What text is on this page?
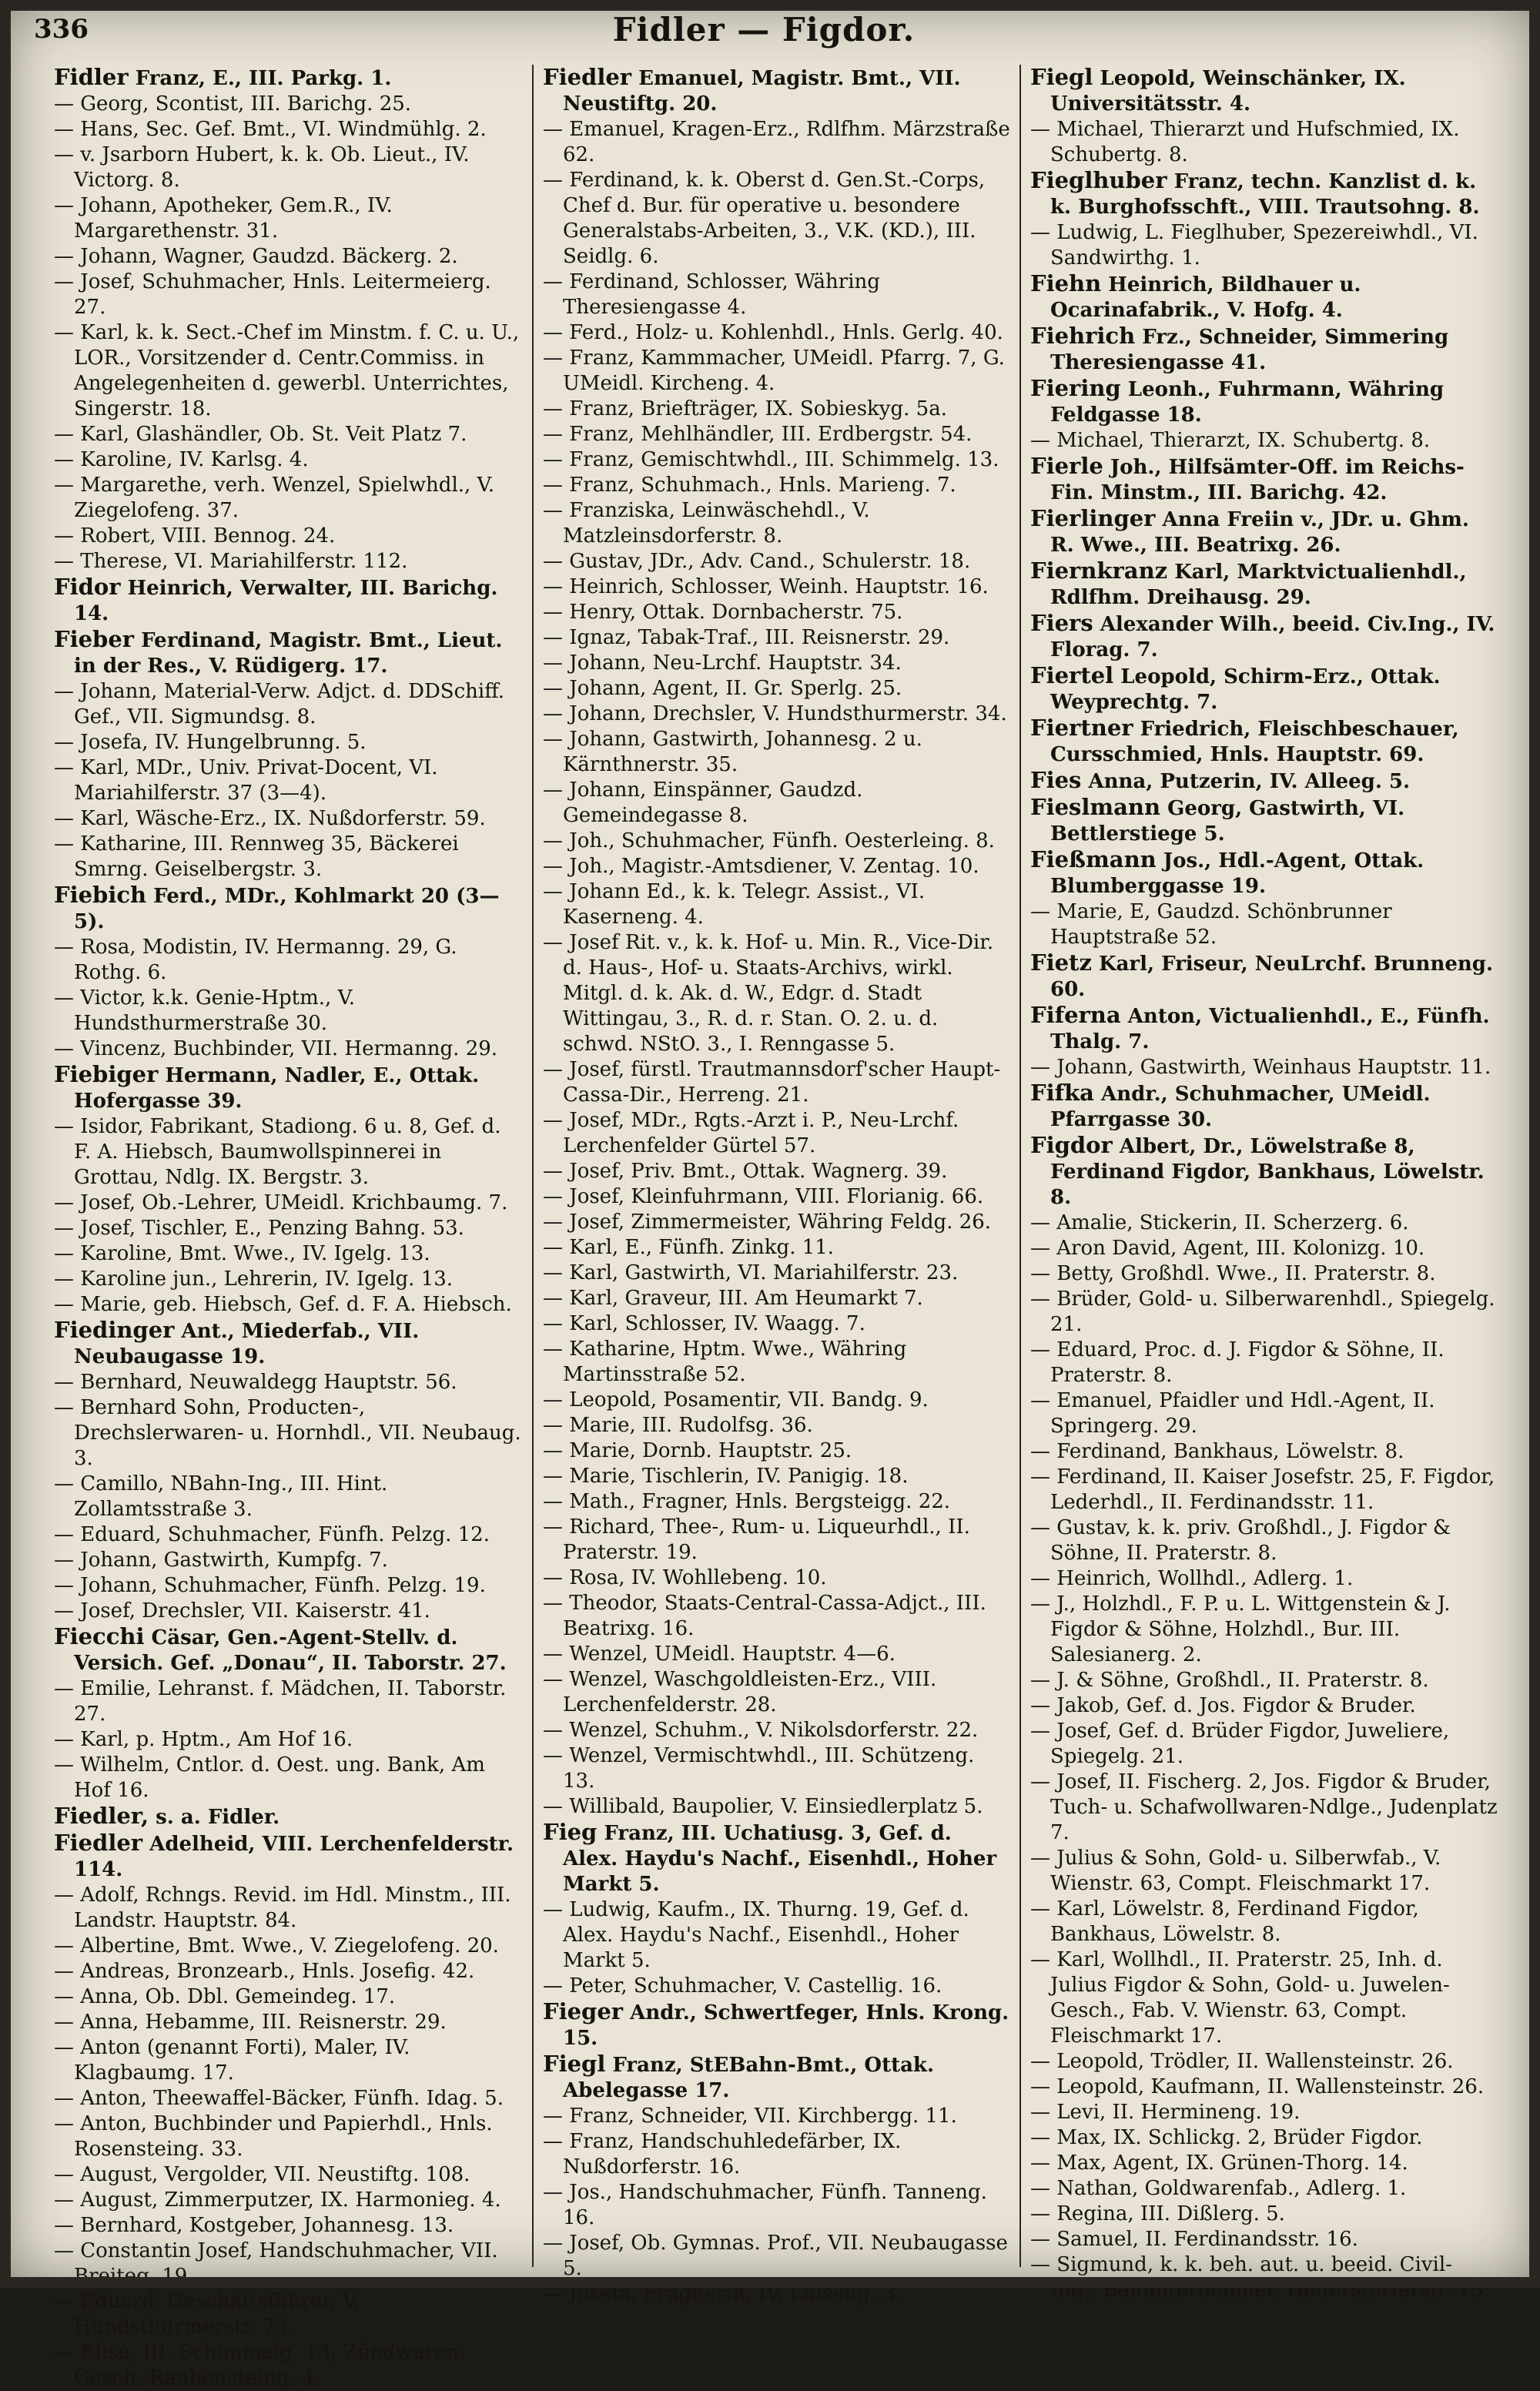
336	Fidler — Figdor.
Fidler Franz, E., III. Parkg. 1.
— Georg, Scontist, III. Barichg. 25.
— Hans, Sec. Gef. Bmt., VI. Windmühlg. 2.
— v. Jsarborn Hubert, k. k. Ob. Lieut., IV. Victorg. 8.
— Johann, Apotheker, Gem.R., IV. Margarethenstr. 31.
— Johann, Wagner, Gaudzd. Bäckerg. 2.
— Josef, Schuhmacher, Hnls. Leitermeierg. 27.
— Karl, k. k. Sect.-Chef im Minstm. f. C. u. U., LOR., Vorsitzender d. Centr.Commiss. in Angelegenheiten d. gewerbl. Unterrichtes, Singerstr. 18.
— Karl, Glashändler, Ob. St. Veit Platz 7.
— Karoline, IV. Karlsg. 4.
— Margarethe, verh. Wenzel, Spielwhdl., V. Ziegelofeng. 37.
— Robert, VIII. Bennog. 24.
— Therese, VI. Mariahilferstr. 112.
Fidor Heinrich, Verwalter, III. Barichg. 14.
Fieber Ferdinand, Magistr. Bmt., Lieut. in der Res., V. Rüdigerg. 17.
— Johann, Material-Verw. Adjct. d. DDSchiff. Gef., VII. Sigmundsg. 8.
— Josefa, IV. Hungelbrunng. 5.
— Karl, MDr., Univ. Privat-Docent, VI. Mariahilferstr. 37 (3—4).
— Karl, Wäsche-Erz., IX. Nußdorferstr. 59.
— Katharine, III. Rennweg 35, Bäckerei Smrng. Geiselbergstr. 3.
Fiebich Ferd., MDr., Kohlmarkt 20 (3—5).
— Rosa, Modistin, IV. Hermanng. 29, G. Rothg. 6.
— Victor, k.k. Genie-Hptm., V. Hundsthurmerstraße 30.
— Vincenz, Buchbinder, VII. Hermanng. 29.
Fiebiger Hermann, Nadler, E., Ottak. Hofergasse 39.
— Isidor, Fabrikant, Stadiong. 6 u. 8, Gef. d. F. A. Hiebsch, Baumwollspinnerei in Grottau, Ndlg. IX. Bergstr. 3.
— Josef, Ob.-Lehrer, UMeidl. Krichbaumg. 7.
— Josef, Tischler, E., Penzing Bahng. 53.
— Karoline, Bmt. Wwe., IV. Igelg. 13.
— Karoline jun., Lehrerin, IV. Igelg. 13.
— Marie, geb. Hiebsch, Gef. d. F. A. Hiebsch.
Fiedinger Ant., Miederfab., VII. Neubaugasse 19.
— Bernhard, Neuwaldegg Hauptstr. 56.
— Bernhard Sohn, Producten-, Drechslerwaren- u. Hornhdl., VII. Neubaug. 3.
— Camillo, NBahn-Ing., III. Hint. Zollamtsstraße 3.
— Eduard, Schuhmacher, Fünfh. Pelzg. 12.
— Johann, Gastwirth, Kumpfg. 7.
— Johann, Schuhmacher, Fünfh. Pelzg. 19.
— Josef, Drechsler, VII. Kaiserstr. 41.
Fiecchi Cäsar, Gen.-Agent-Stellv. d. Versich. Gef. „Donau“, II. Taborstr. 27.
— Emilie, Lehranst. f. Mädchen, II. Taborstr. 27.
— Karl, p. Hptm., Am Hof 16.
— Wilhelm, Cntlor. d. Oest. ung. Bank, Am Hof 16.
Fiedler, s. a. Fidler.
Fiedler Adelheid, VIII. Lerchenfelderstr. 114.
— Adolf, Rchngs. Revid. im Hdl. Minstm., III. Landstr. Hauptstr. 84.
— Albertine, Bmt. Wwe., V. Ziegelofeng. 20.
— Andreas, Bronzearb., Hnls. Josefig. 42.
— Anna, Ob. Dbl. Gemeindeg. 17.
— Anna, Hebamme, III. Reisnerstr. 29.
— Anton (genannt Forti), Maler, IV. Klagbaumg. 17.
— Anton, Theewaffel-Bäcker, Fünfh. Idag. 5.
— Anton, Buchbinder und Papierhdl., Hnls. Rosensteing. 33.
— August, Vergolder, VII. Neustiftg. 108.
— August, Zimmerputzer, IX. Harmonieg. 4.
— Bernhard, Kostgeber, Johannesg. 13.
— Constantin Josef, Handschuhmacher, VII. Breiteg. 19.
— Eduard, Geschäftsführer, V. Hundsthurmerstr. 73.
— Elise, III. Schimmelg. 13, Zündwaren-Gesch. Rauhensteing. 4.
Fiedler Emanuel, Magistr. Bmt., VII. Neustiftg. 20.
— Emanuel, Kragen-Erz., Rdlfhm. Märzstraße 62.
— Ferdinand, k. k. Oberst d. Gen.St.-Corps, Chef d. Bur. für operative u. besondere Generalstabs-Arbeiten, 3., V.K. (KD.), III. Seidlg. 6.
— Ferdinand, Schlosser, Währing Theresiengasse 4.
— Ferd., Holz- u. Kohlenhdl., Hnls. Gerlg. 40.
— Franz, Kammmacher, UMeidl. Pfarrg. 7, G. UMeidl. Kircheng. 4.
— Franz, Briefträger, IX. Sobieskyg. 5a.
— Franz, Mehlhändler, III. Erdbergstr. 54.
— Franz, Gemischtwhdl., III. Schimmelg. 13.
— Franz, Schuhmach., Hnls. Marieng. 7.
— Franziska, Leinwäschehdl., V. Matzleinsdorferstr. 8.
— Gustav, JDr., Adv. Cand., Schulerstr. 18.
— Heinrich, Schlosser, Weinh. Hauptstr. 16.
— Henry, Ottak. Dornbacherstr. 75.
— Ignaz, Tabak-Traf., III. Reisnerstr. 29.
— Johann, Neu-Lrchf. Hauptstr. 34.
— Johann, Agent, II. Gr. Sperlg. 25.
— Johann, Drechsler, V. Hundsthurmerstr. 34.
— Johann, Gastwirth, Johannesg. 2 u. Kärnthnerstr. 35.
— Johann, Einspänner, Gaudzd. Gemeindegasse 8.
— Joh., Schuhmacher, Fünfh. Oesterleing. 8.
— Joh., Magistr.-Amtsdiener, V. Zentag. 10.
— Johann Ed., k. k. Telegr. Assist., VI. Kaserneng. 4.
— Josef Rit. v., k. k. Hof- u. Min. R., Vice-Dir. d. Haus-, Hof- u. Staats-Archivs, wirkl. Mitgl. d. k. Ak. d. W., Edgr. d. Stadt Wittingau, 3., R. d. r. Stan. O. 2. u. d. schwd. NStO. 3., I. Renngasse 5.
— Josef, fürstl. Trautmannsdorf'scher Haupt-Cassa-Dir., Herreng. 21.
— Josef, MDr., Rgts.-Arzt i. P., Neu-Lrchf. Lerchenfelder Gürtel 57.
— Josef, Priv. Bmt., Ottak. Wagnerg. 39.
— Josef, Kleinfuhrmann, VIII. Florianig. 66.
— Josef, Zimmermeister, Währing Feldg. 26.
— Karl, E., Fünfh. Zinkg. 11.
— Karl, Gastwirth, VI. Mariahilferstr. 23.
— Karl, Graveur, III. Am Heumarkt 7.
— Karl, Schlosser, IV. Waagg. 7.
— Katharine, Hptm. Wwe., Währing Martinsstraße 52.
— Leopold, Posamentir, VII. Bandg. 9.
— Marie, III. Rudolfsg. 36.
— Marie, Dornb. Hauptstr. 25.
— Marie, Tischlerin, IV. Panigig. 18.
— Math., Fragner, Hnls. Bergsteigg. 22.
— Richard, Thee-, Rum- u. Liqueurhdl., II. Praterstr. 19.
— Rosa, IV. Wohllebeng. 10.
— Theodor, Staats-Central-Cassa-Adjct., III. Beatrixg. 16.
— Wenzel, UMeidl. Hauptstr. 4—6.
— Wenzel, Waschgoldleisten-Erz., VIII. Lerchenfelderstr. 28.
— Wenzel, Schuhm., V. Nikolsdorferstr. 22.
— Wenzel, Vermischtwhdl., III. Schützeng. 13.
— Willibald, Baupolier, V. Einsiedlerplatz 5.
Fieg Franz, III. Uchatiusg. 3, Gef. d. Alex. Haydu's Nachf., Eisenhdl., Hoher Markt 5.
— Ludwig, Kaufm., IX. Thurng. 19, Gef. d. Alex. Haydu's Nachf., Eisenhdl., Hoher Markt 5.
— Peter, Schuhmacher, V. Castellig. 16.
Fieger Andr., Schwertfeger, Hnls. Krong. 15.
Fiegl Franz, StEBahn-Bmt., Ottak. Abelegasse 17.
— Franz, Schneider, VII. Kirchbergg. 11.
— Franz, Handschuhledefärber, IX. Nußdorferstr. 16.
— Jos., Handschuhmacher, Fünfh. Tanneng. 16.
— Josef, Ob. Gymnas. Prof., VII. Neubaugasse 5.
— Josefa, Fragnerin, IV. Luiseng. 3.
Fiegl Leopold, Weinschänker, IX. Universitätsstr. 4.
— Michael, Thierarzt und Hufschmied, IX. Schubertg. 8.
Fieglhuber Franz, techn. Kanzlist d. k. k. Burghofsschft., VIII. Trautsohng. 8.
— Ludwig, L. Fieglhuber, Spezereiwhdl., VI. Sandwirthg. 1.
Fiehn Heinrich, Bildhauer u. Ocarinafabrik., V. Hofg. 4.
Fiehrich Frz., Schneider, Simmering Theresiengasse 41.
Fiering Leonh., Fuhrmann, Währing Feldgasse 18.
— Michael, Thierarzt, IX. Schubertg. 8.
Fierle Joh., Hilfsämter-Off. im Reichs-Fin. Minstm., III. Barichg. 42.
Fierlinger Anna Freiin v., JDr. u. Ghm. R. Wwe., III. Beatrixg. 26.
Fiernkranz Karl, Marktvictualienhdl., Rdlfhm. Dreihausg. 29.
Fiers Alexander Wilh., beeid. Civ.Ing., IV. Florag. 7.
Fiertel Leopold, Schirm-Erz., Ottak. Weyprechtg. 7.
Fiertner Friedrich, Fleischbeschauer, Cursschmied, Hnls. Hauptstr. 69.
Fies Anna, Putzerin, IV. Alleeg. 5.
Fieslmann Georg, Gastwirth, VI. Bettlerstiege 5.
Fießmann Jos., Hdl.-Agent, Ottak. Blumberggasse 19.
— Marie, E, Gaudzd. Schönbrunner Hauptstraße 52.
Fietz Karl, Friseur, NeuLrchf. Brunneng. 60.
Fiferna Anton, Victualienhdl., E., Fünfh. Thalg. 7.
— Johann, Gastwirth, Weinhaus Hauptstr. 11.
Fifka Andr., Schuhmacher, UMeidl. Pfarrgasse 30.
Figdor Albert, Dr., Löwelstraße 8, Ferdinand Figdor, Bankhaus, Löwelstr. 8.
— Amalie, Stickerin, II. Scherzerg. 6.
— Aron David, Agent, III. Kolonizg. 10.
— Betty, Großhdl. Wwe., II. Praterstr. 8.
— Brüder, Gold- u. Silberwarenhdl., Spiegelg. 21.
— Eduard, Proc. d. J. Figdor & Söhne, II. Praterstr. 8.
— Emanuel, Pfaidler und Hdl.-Agent, II. Springerg. 29.
— Ferdinand, Bankhaus, Löwelstr. 8.
— Ferdinand, II. Kaiser Josefstr. 25, F. Figdor, Lederhdl., II. Ferdinandsstr. 11.
— Gustav, k. k. priv. Großhdl., J. Figdor & Söhne, II. Praterstr. 8.
— Heinrich, Wollhdl., Adlerg. 1.
— J., Holzhdl., F. P. u. L. Wittgenstein & J. Figdor & Söhne, Holzhdl., Bur. III. Salesianerg. 2.
— J. & Söhne, Großhdl., II. Praterstr. 8.
— Jakob, Gef. d. Jos. Figdor & Bruder.
— Josef, Gef. d. Brüder Figdor, Juweliere, Spiegelg. 21.
— Josef, II. Fischerg. 2, Jos. Figdor & Bruder, Tuch- u. Schafwollwaren-Ndlge., Judenplatz 7.
— Julius & Sohn, Gold- u. Silberwfab., V. Wienstr. 63, Compt. Fleischmarkt 17.
— Karl, Löwelstr. 8, Ferdinand Figdor, Bankhaus, Löwelstr. 8.
— Karl, Wollhdl., II. Praterstr. 25, Inh. d. Julius Figdor & Sohn, Gold- u. Juwelen-Gesch., Fab. V. Wienstr. 63, Compt. Fleischmarkt 17.
— Leopold, Trödler, II. Wallensteinstr. 26.
— Leopold, Kaufmann, II. Wallensteinstr. 26.
— Levi, II. Hermineng. 19.
— Max, IX. Schlickg. 2, Brüder Figdor.
— Max, Agent, IX. Grünen-Thorg. 14.
— Nathan, Goldwarenfab., Adlerg. 1.
— Regina, III. Dißlerg. 5.
— Samuel, II. Ferdinandsstr. 16.
— Sigmund, k. k. beh. aut. u. beeid. Civil-Ing., Bauunternehmer, Helferstorferstr. 15.
